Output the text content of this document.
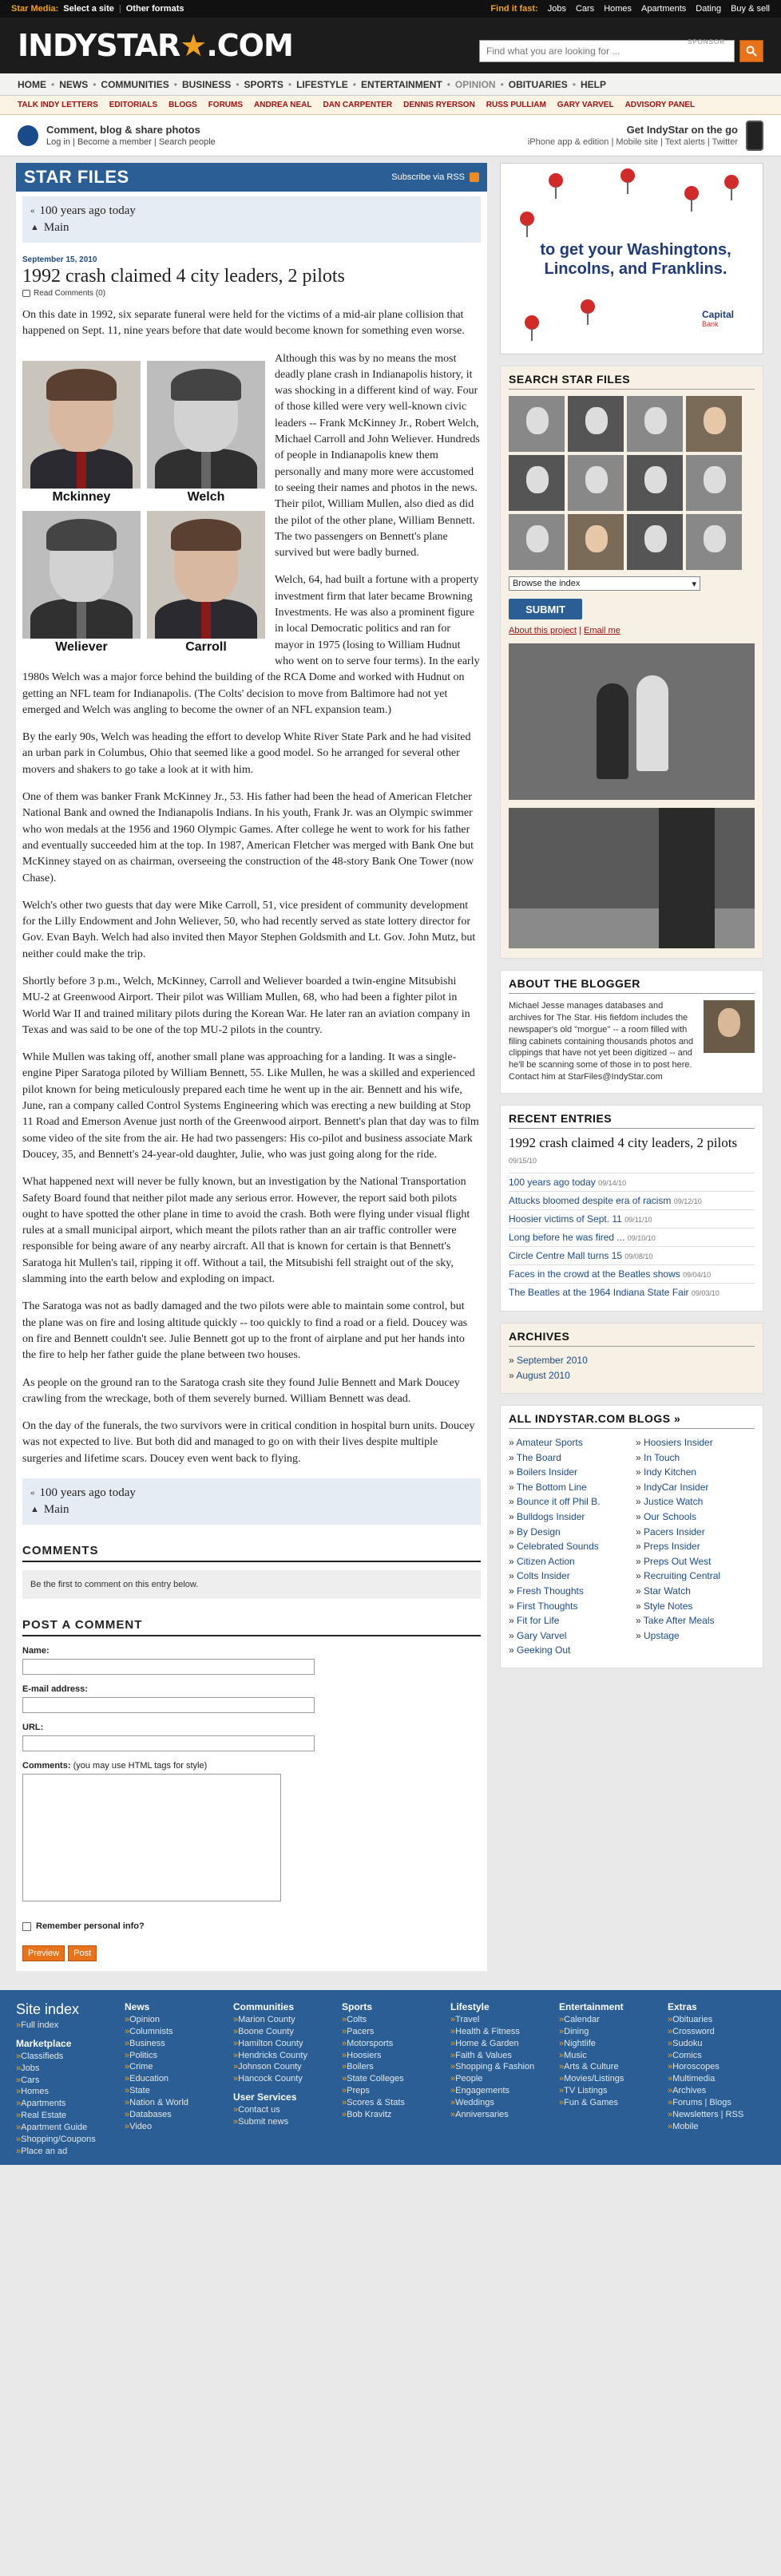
Star Media: Select a site | Other formats	Find it fast: Jobs Cars Homes Apartments Dating Buy & sell
INDYSTAR★.COM	SPONSOR
Find what you are looking for ...
HOME • NEWS • COMMUNITIES • BUSINESS • SPORTS • LIFESTYLE • ENTERTAINMENT • OPINION • OBITUARIES • HELP
TALK INDY LETTERS EDITORIALS BLOGS FORUMS ANDREA NEAL DAN CARPENTER DENNIS RYERSON RUSS PULLIAM GARY VARVEL ADVISORY PANEL
Comment, blog & share photos
Log in | Become a member | Search people
Get IndyStar on the go
iPhone app & edition | Mobile site | Text alerts | Twitter
STAR FILES	Subscribe via RSS
« 100 years ago today
▲ Main
September 15, 2010
1992 crash claimed 4 city leaders, 2 pilots
Read Comments (0)

On this date in 1992, six separate funeral were held for the victims of a mid-air plane collision that happened on Sept. 11, nine years before that date would become known for something even worse.

Mckinney	Welch
Weliever	Carroll

Although this was by no means the most deadly plane crash in Indianapolis history, it was shocking in a different kind of way. Four of those killed were very well-known civic leaders -- Frank McKinney Jr., Robert Welch, Michael Carroll and John Weliever. Hundreds of people in Indianapolis knew them personally and many more were accustomed to seeing their names and photos in the news. Their pilot, William Mullen, also died as did the pilot of the other plane, William Bennett. The two passengers on Bennett's plane survived but were badly burned.

Welch, 64, had built a fortune with a property investment firm that later became Browning Investments. He was also a prominent figure in local Democratic politics and ran for mayor in 1975 (losing to William Hudnut who went on to serve four terms). In the early 1980s Welch was a major force behind the building of the RCA Dome and worked with Hudnut on getting an NFL team for Indianapolis. (The Colts' decision to move from Baltimore had not yet emerged and Welch was angling to become the owner of an NFL expansion team.)

By the early 90s, Welch was heading the effort to develop White River State Park and he had visited an urban park in Columbus, Ohio that seemed like a good model. So he arranged for several other movers and shakers to go take a look at it with him.

One of them was banker Frank McKinney Jr., 53. His father had been the head of American Fletcher National Bank and owned the Indianapolis Indians. In his youth, Frank Jr. was an Olympic swimmer who won medals at the 1956 and 1960 Olympic Games. After college he went to work for his father and eventually succeeded him at the top. In 1987, American Fletcher was merged with Bank One but McKinney stayed on as chairman, overseeing the construction of the 48-story Bank One Tower (now Chase).

Welch's other two guests that day were Mike Carroll, 51, vice president of community development for the Lilly Endowment and John Weliever, 50, who had recently served as state lottery director for Gov. Evan Bayh. Welch had also invited then Mayor Stephen Goldsmith and Lt. Gov. John Mutz, but neither could make the trip.

Shortly before 3 p.m., Welch, McKinney, Carroll and Weliever boarded a twin-engine Mitsubishi MU-2 at Greenwood Airport. Their pilot was William Mullen, 68, who had been a fighter pilot in World War II and trained military pilots during the Korean War. He later ran an aviation company in Texas and was said to be one of the top MU-2 pilots in the country.

While Mullen was taking off, another small plane was approaching for a landing. It was a single-engine Piper Saratoga piloted by William Bennett, 55. Like Mullen, he was a skilled and experienced pilot known for being meticulously prepared each time he went up in the air. Bennett and his wife, June, ran a company called Control Systems Engineering which was erecting a new building at Stop 11 Road and Emerson Avenue just north of the Greenwood airport. Bennett's plan that day was to film some video of the site from the air. He had two passengers: His co-pilot and business associate Mark Doucey, 35, and Bennett's 24-year-old daughter, Julie, who was just going along for the ride.

What happened next will never be fully known, but an investigation by the National Transportation Safety Board found that neither pilot made any serious error. However, the report said both pilots ought to have spotted the other plane in time to avoid the crash. Both were flying under visual flight rules at a small municipal airport, which meant the pilots rather than an air traffic controller were responsible for being aware of any nearby aircraft. All that is known for certain is that Bennett's Saratoga hit Mullen's tail, ripping it off. Without a tail, the Mitsubishi fell straight out of the sky, slamming into the earth below and exploding on impact.

The Saratoga was not as badly damaged and the two pilots were able to maintain some control, but the plane was on fire and losing altitude quickly -- too quickly to find a road or a field. Doucey was on fire and Bennett couldn't see. Julie Bennett got up to the front of airplane and put her hands into the fire to help her father guide the plane between two houses.

As people on the ground ran to the Saratoga crash site they found Julie Bennett and Mark Doucey crawling from the wreckage, both of them severely burned. William Bennett was dead.

On the day of the funerals, the two survivors were in critical condition in hospital burn units. Doucey was not expected to live. But both did and managed to go on with their lives despite multiple surgeries and lifetime scars. Doucey even went back to flying.

« 100 years ago today
▲ Main
COMMENTS
Be the first to comment on this entry below.
POST A COMMENT
Name:
E-mail address:
URL:
Comments: (you may use HTML tags for style)
Remember personal info?
Preview	Post
to get your Washingtons, Lincolns, and Franklins.
Capital
Bank
SEARCH STAR FILES
Browse the index	▾
SUBMIT
About this project | Email me
ABOUT THE BLOGGER
Michael Jesse manages databases and archives for The Star. His fiefdom includes the newspaper's old "morgue" -- a room filled with filing cabinets containing thousands photos and clippings that have not yet been digitized -- and he'll be scanning some of those in to post here. Contact him at StarFiles@IndyStar.com
RECENT ENTRIES
1992 crash claimed 4 city leaders, 2 pilots 09/15/10
100 years ago today 09/14/10
Attucks bloomed despite era of racism 09/12/10
Hoosier victims of Sept. 11 09/11/10
Long before he was fired ... 09/10/10
Circle Centre Mall turns 15 09/08/10
Faces in the crowd at the Beatles shows 09/04/10
The Beatles at the 1964 Indiana State Fair 09/03/10
ARCHIVES
» September 2010
» August 2010
ALL INDYSTAR.COM BLOGS »
» Amateur Sports
» The Board
» Boilers Insider
» The Bottom Line
» Bounce it off Phil B.
» Bulldogs Insider
» By Design
» Celebrated Sounds
» Citizen Action
» Colts Insider
» Fresh Thoughts
» First Thoughts
» Fit for Life
» Gary Varvel
» Geeking Out
» Hoosiers Insider
» In Touch
» Indy Kitchen
» IndyCar Insider
» Justice Watch
» Our Schools
» Pacers Insider
» Preps Insider
» Preps Out West
» Recruiting Central
» Star Watch
» Style Notes
» Take After Meals
» Upstage
Site index
» Full index
Marketplace
» Classifieds
» Jobs
» Cars
» Homes
» Apartments
» Real Estate
» Apartment Guide
» Shopping/Coupons
» Place an ad
News
» Opinion
» Columnists
» Business
» Politics
» Crime
» Education
» State
» Nation & World
» Databases
» Video
Communities
» Marion County
» Boone County
» Hamilton County
» Hendricks County
» Johnson County
» Hancock County
User Services
» Contact us
» Submit news
Sports
» Colts
» Pacers
» Motorsports
» Hoosiers
» Boilers
» State Colleges
» Preps
» Scores & Stats
» Bob Kravitz
Lifestyle
» Travel
» Health & Fitness
» Home & Garden
» Faith & Values
» Shopping & Fashion
» People
» Engagements
» Weddings
» Anniversaries
Entertainment
» Calendar
» Dining
» Nightlife
» Music
» Arts & Culture
» Movies/Listings
» TV Listings
» Fun & Games
Extras
» Obituaries
» Crossword
» Sudoku
» Comics
» Horoscopes
» Multimedia
» Archives
» Forums | Blogs
» Newsletters | RSS
» Mobile
